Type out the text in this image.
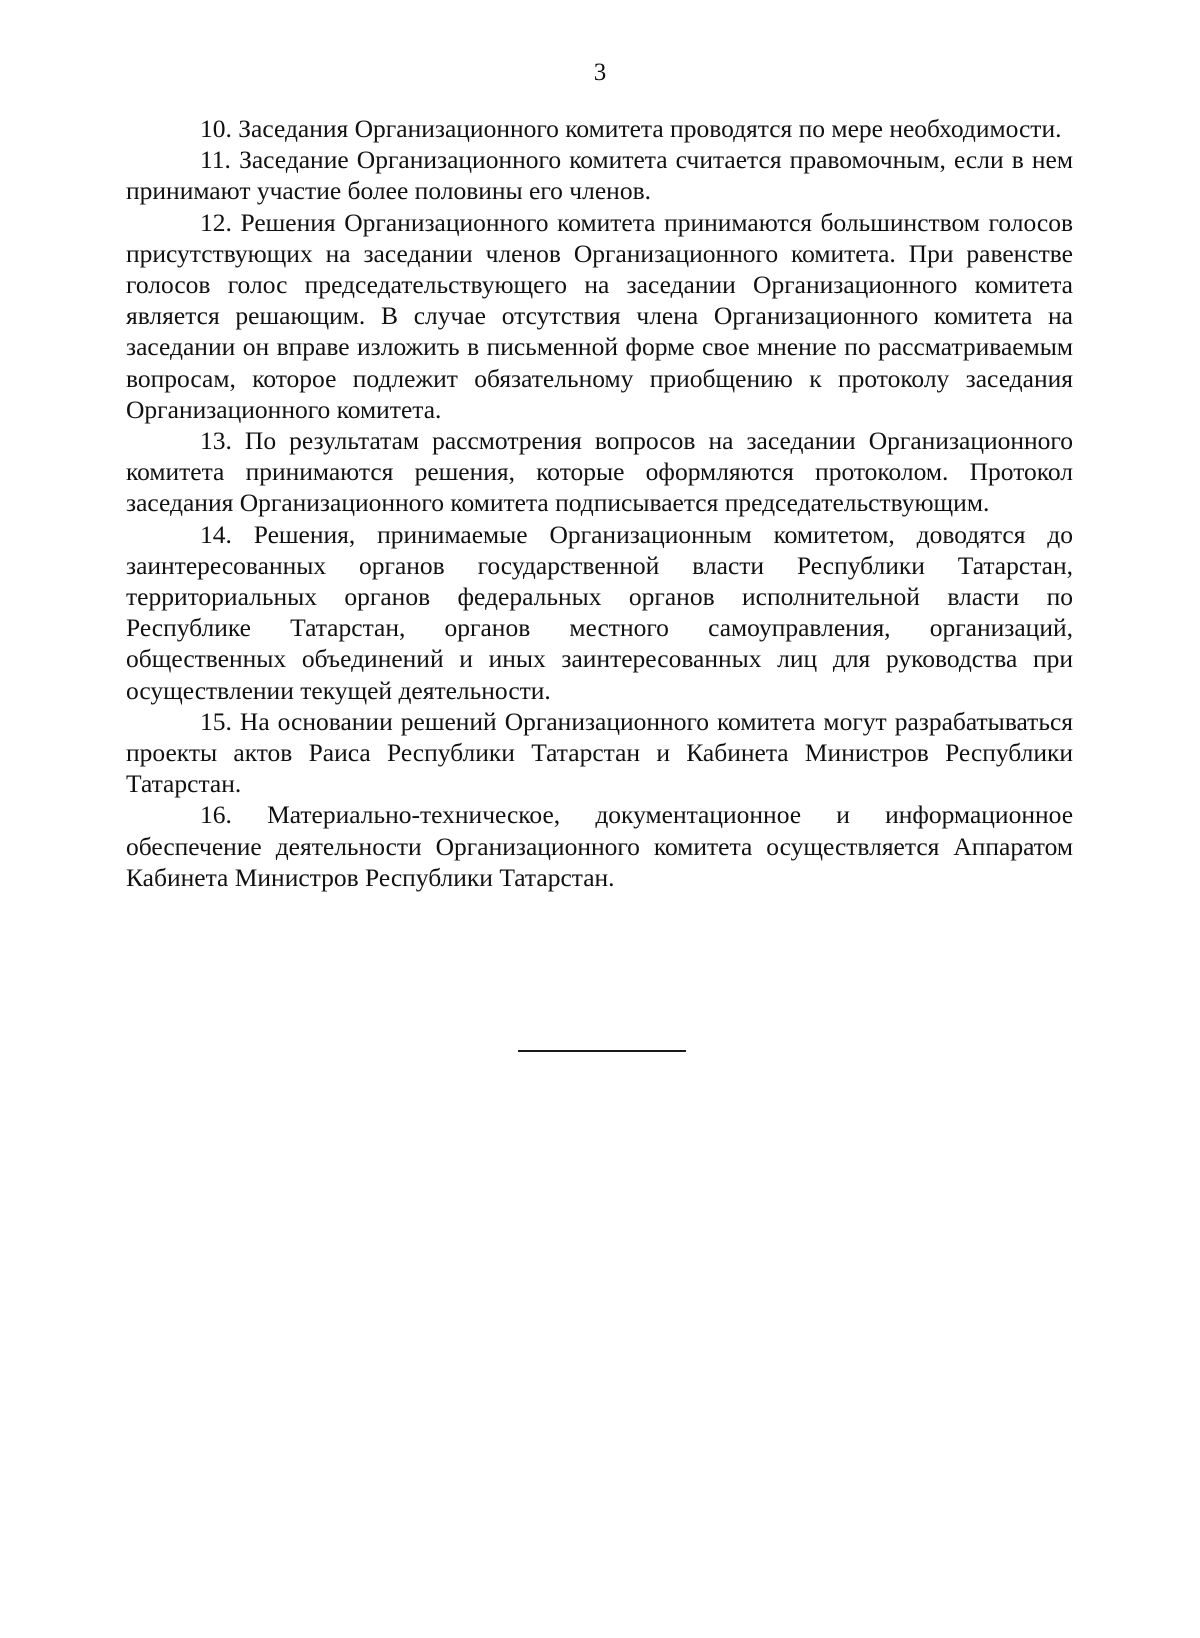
3

10. Заседания Организационного комитета проводятся по мере необходимости.

11. Заседание Организационного комитета считается правомочным, если в нем принимают участие более половины его членов.

12. Решения Организационного комитета принимаются большинством голосов присутствующих на заседании членов Организационного комитета. При равенстве голосов голос председательствующего на заседании Организационного комитета является решающим. В случае отсутствия члена Организационного комитета на заседании он вправе изложить в письменной форме свое мнение по рассматриваемым вопросам, которое подлежит обязательному приобщению к протоколу заседания Организационного комитета.

13. По результатам рассмотрения вопросов на заседании Организационного комитета принимаются решения, которые оформляются протоколом. Протокол заседания Организационного комитета подписывается председательствующим.

14. Решения, принимаемые Организационным комитетом, доводятся до заинтересованных органов государственной власти Республики Татарстан, территориальных органов федеральных органов исполнительной власти по Республике Татарстан, органов местного самоуправления, организаций, общественных объединений и иных заинтересованных лиц для руководства при осуществлении текущей деятельности.

15. На основании решений Организационного комитета могут разрабатываться проекты актов Раиса Республики Татарстан и Кабинета Министров Республики Татарстан.

16. Материально-техническое, документационное и информационное обеспечение деятельности Организационного комитета осуществляется Аппаратом Кабинета Министров Республики Татарстан.
